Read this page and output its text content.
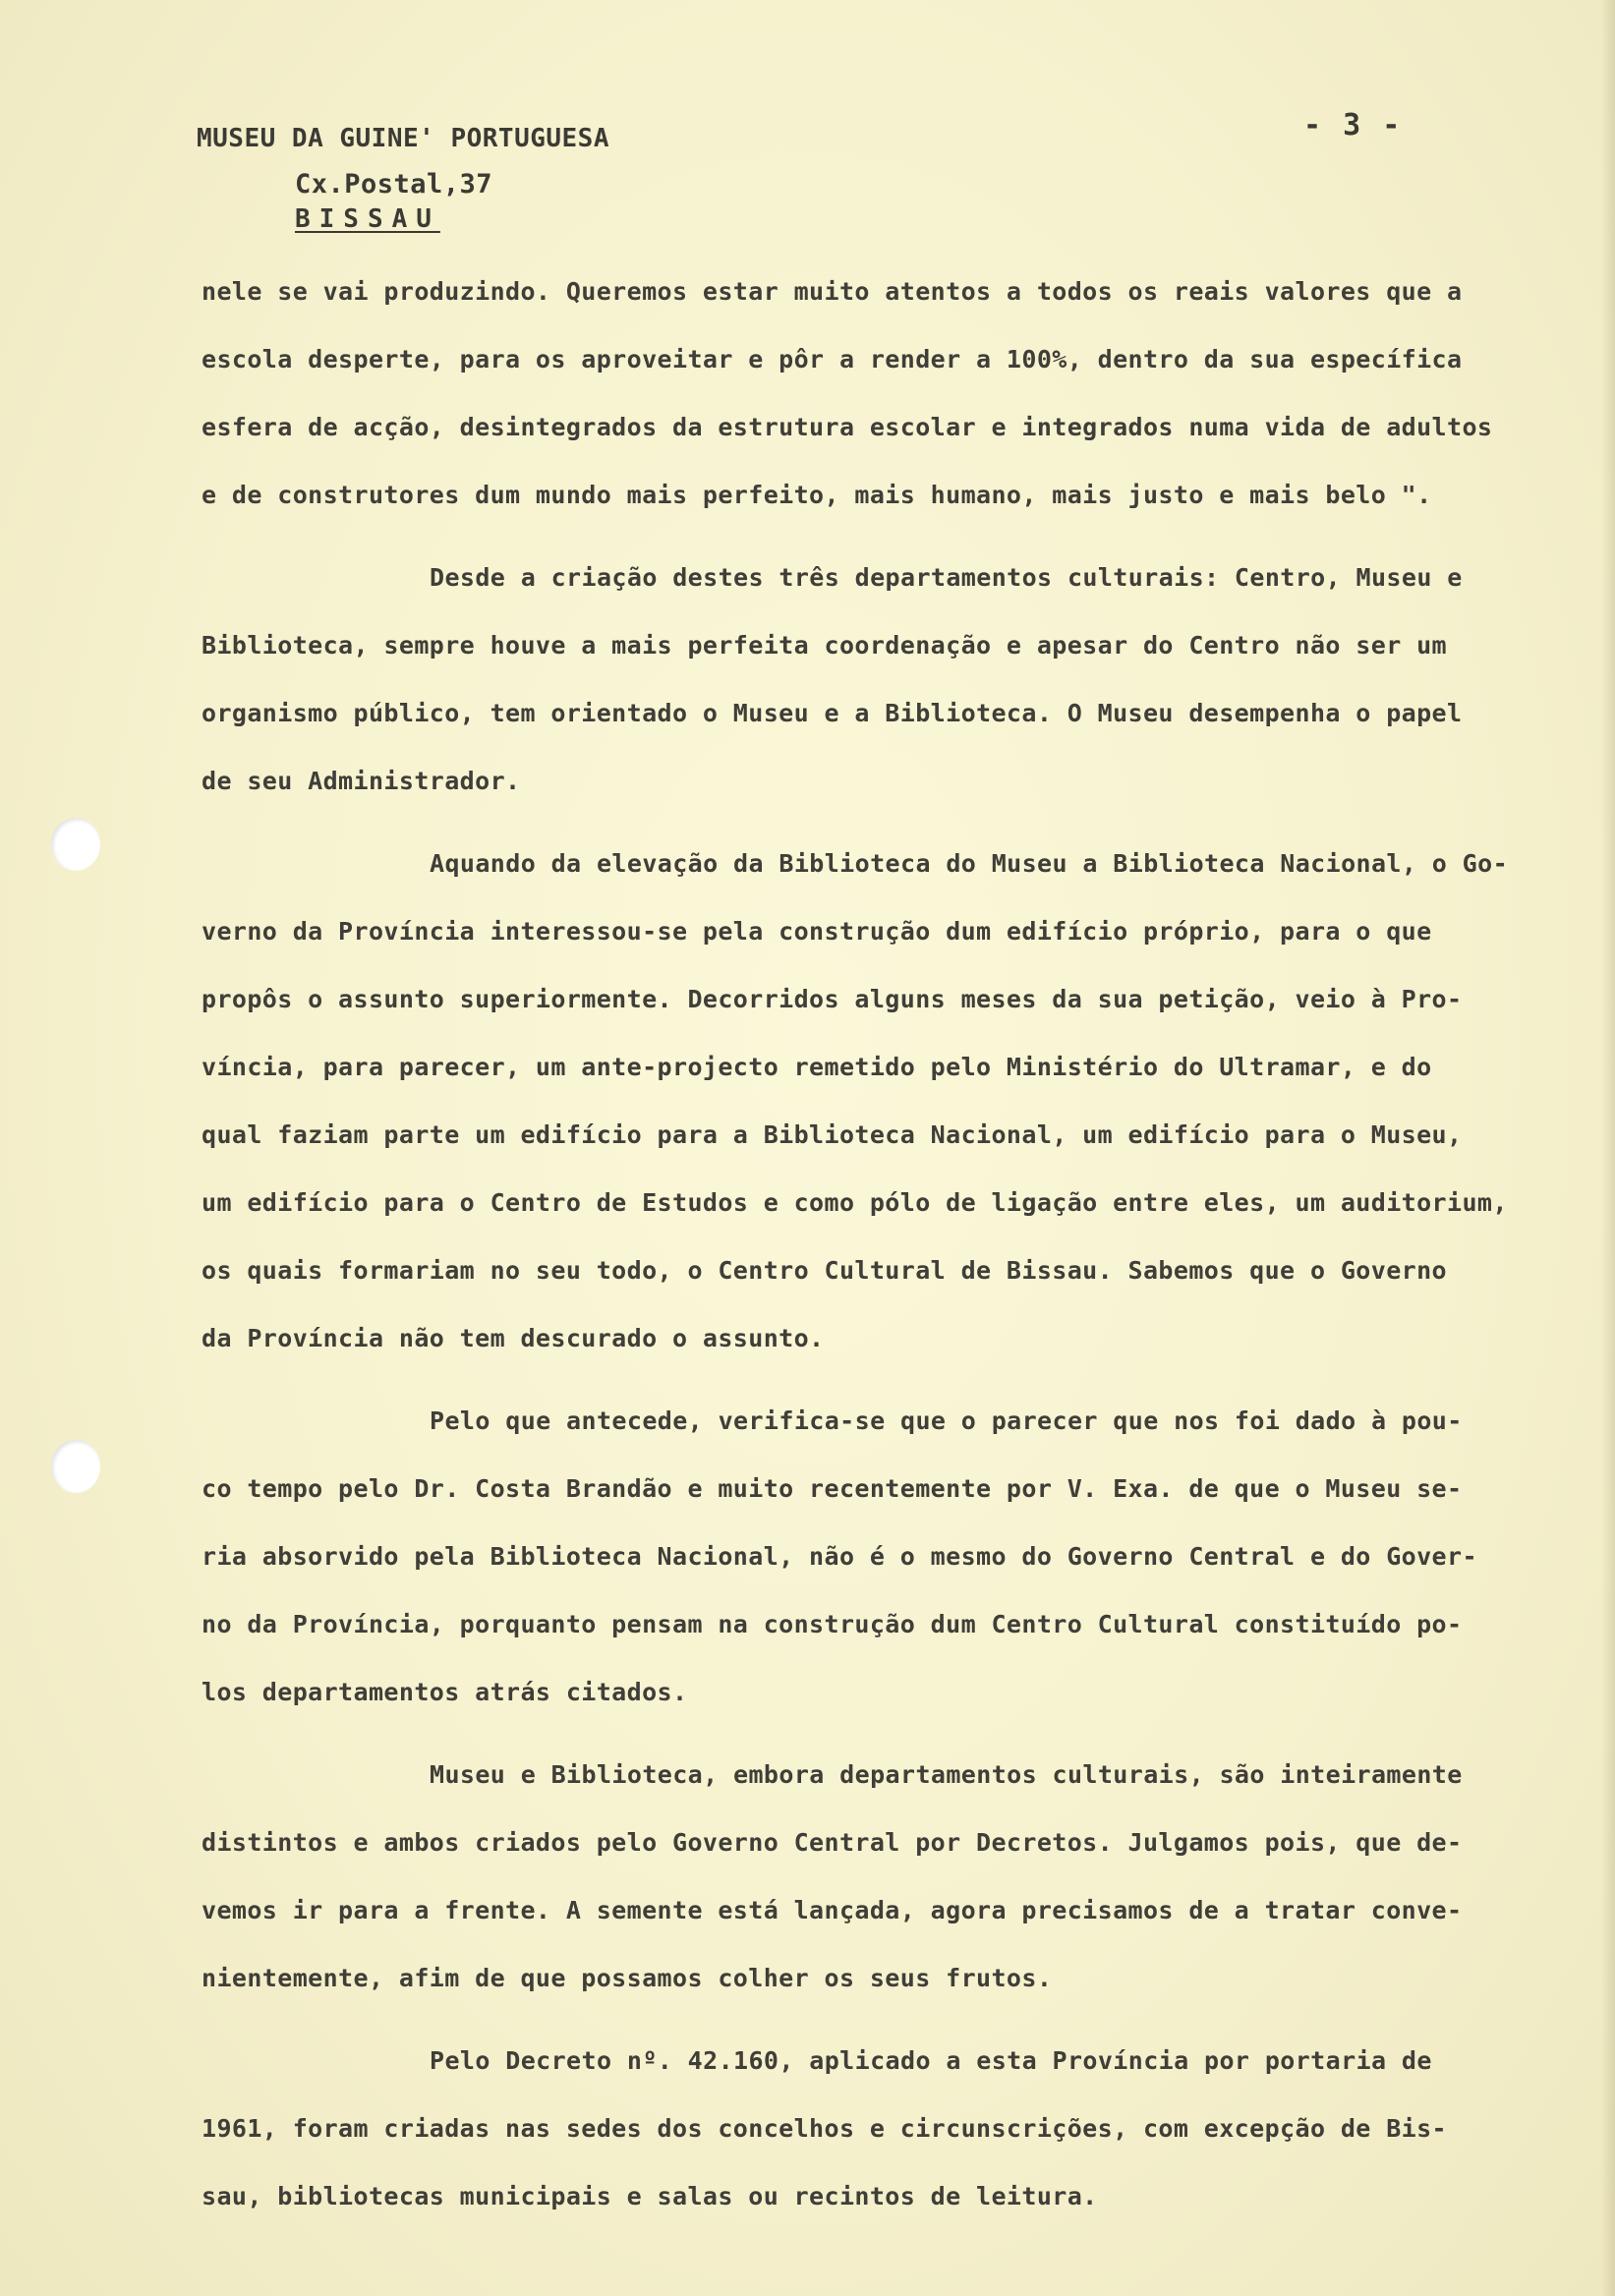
MUSEU DA GUINE' PORTUGUESA
Cx.Postal,37
BISSAU
- 3 -
nele se vai produzindo. Queremos estar muito atentos a todos os reais valores que a
escola desperte, para os aproveitar e pôr a render a 100%, dentro da sua específica
esfera de acção, desintegrados da estrutura escolar e integrados numa vida de adultos
e de construtores dum mundo mais perfeito, mais humano, mais justo e mais belo ".
Desde a criação destes três departamentos culturais: Centro, Museu e
Biblioteca, sempre houve a mais perfeita coordenação e apesar do Centro não ser um
organismo público, tem orientado o Museu e a Biblioteca. O Museu desempenha o papel
de seu Administrador.
Aquando da elevação da Biblioteca do Museu a Biblioteca Nacional, o Go-
verno da Província interessou-se pela construção dum edifício próprio, para o que
propôs o assunto superiormente. Decorridos alguns meses da sua petição, veio à Pro-
víncia, para parecer, um ante-projecto remetido pelo Ministério do Ultramar, e do
qual faziam parte um edifício para a Biblioteca Nacional, um edifício para o Museu,
um edifício para o Centro de Estudos e como pólo de ligação entre eles, um auditorium,
os quais formariam no seu todo, o Centro Cultural de Bissau. Sabemos que o Governo
da Província não tem descurado o assunto.
Pelo que antecede, verifica-se que o parecer que nos foi dado à pou-
co tempo pelo Dr. Costa Brandão e muito recentemente por V. Exa. de que o Museu se-
ria absorvido pela Biblioteca Nacional, não é o mesmo do Governo Central e do Gover-
no da Província, porquanto pensam na construção dum Centro Cultural constituído po-
los departamentos atrás citados.
Museu e Biblioteca, embora departamentos culturais, são inteiramente
distintos e ambos criados pelo Governo Central por Decretos. Julgamos pois, que de-
vemos ir para a frente. A semente está lançada, agora precisamos de a tratar conve-
nientemente, afim de que possamos colher os seus frutos.
Pelo Decreto nº. 42.160, aplicado a esta Província por portaria de
1961, foram criadas nas sedes dos concelhos e circunscrições, com excepção de Bis-
sau, bibliotecas municipais e salas ou recintos de leitura.
